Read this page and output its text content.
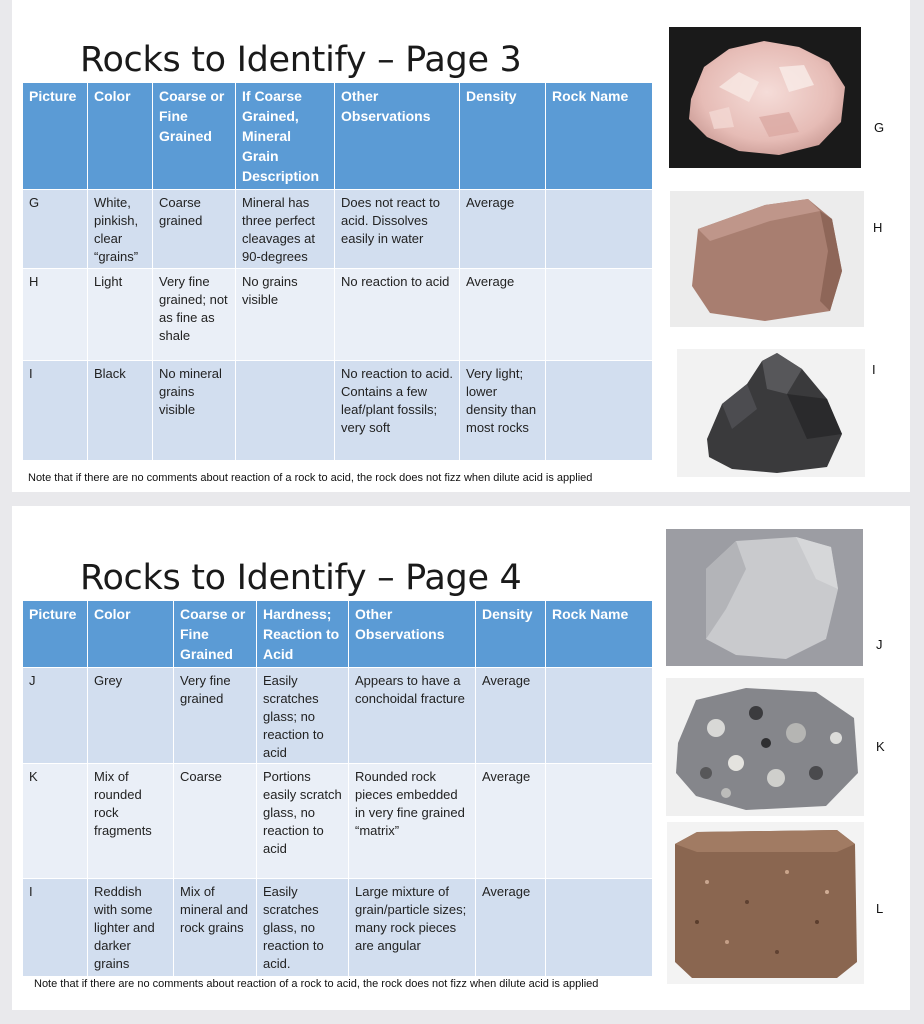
Rocks to Identify – Page 3
Picture	Color	Coarse or Fine Grained	If Coarse Grained, Mineral Grain Description	Other Observations	Density	Rock Name
G	White, pinkish, clear “grains”	Coarse grained	Mineral has three perfect cleavages at 90-degrees	Does not react to acid. Dissolves easily in water	Average	
H	Light	Very fine grained; not as fine as shale	No grains visible	No reaction to acid	Average	
I	Black	No mineral grains visible		No reaction to acid. Contains a few leaf/plant fossils; very soft	Very light; lower density than most rocks	
Note that if there are no comments about reaction of a rock to acid, the rock does not fizz when dilute acid is applied
G
H
I
Rocks to Identify – Page 4
Picture	Color	Coarse or Fine Grained	Hardness; Reaction to Acid	Other Observations	Density	Rock Name
J	Grey	Very fine grained	Easily scratches glass; no reaction to acid	Appears to have a conchoidal fracture	Average	
K	Mix of rounded rock fragments	Coarse	Portions easily scratch glass, no reaction to acid	Rounded rock pieces embedded in very fine grained “matrix”	Average	
I	Reddish with some lighter and darker grains	Mix of mineral and rock grains	Easily scratches glass, no reaction to acid.	Large mixture of grain/particle sizes; many rock pieces are angular	Average	
Note that if there are no comments about reaction of a rock to acid, the rock does not fizz when dilute acid is applied
J
K
L
